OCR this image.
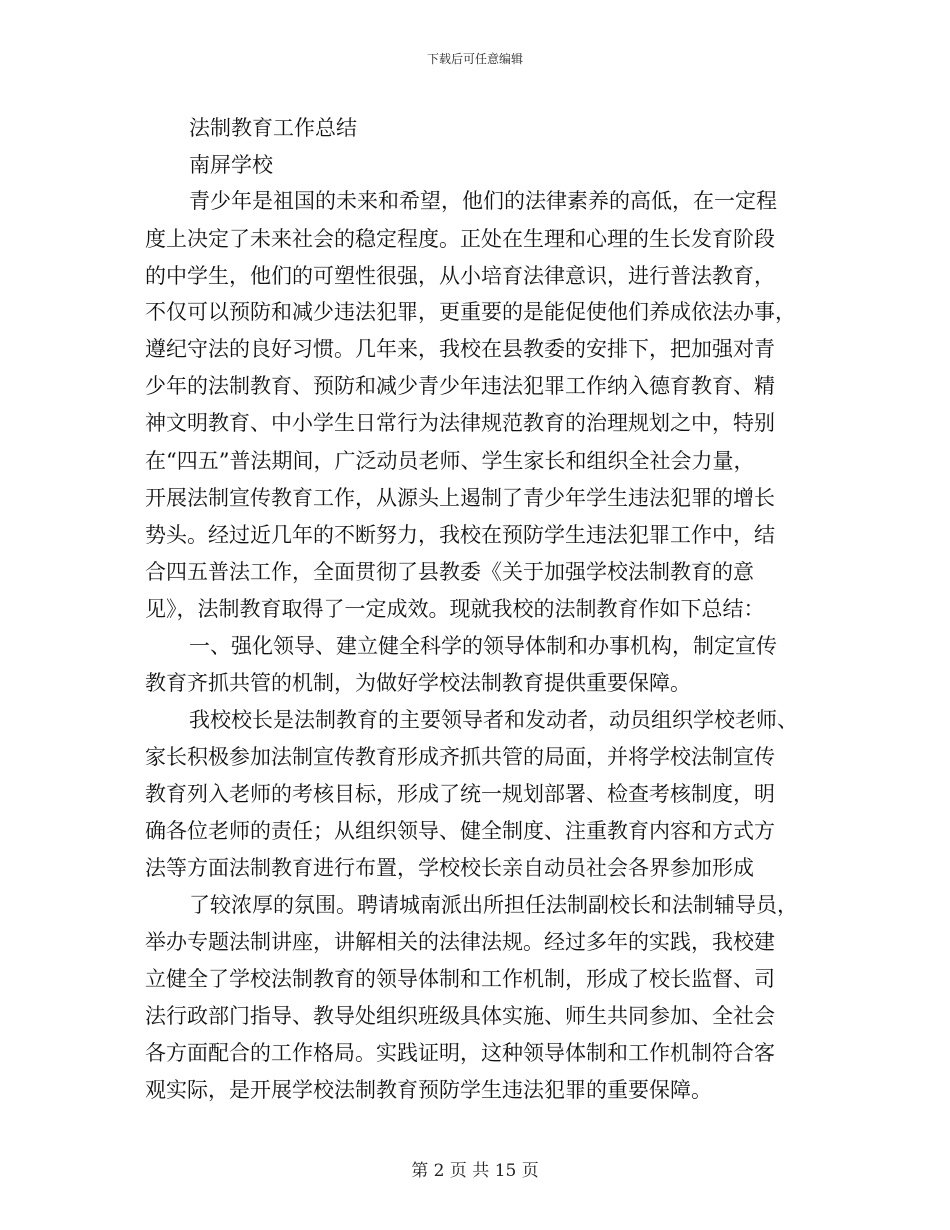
下载后可任意编辑
法制教育工作总结
南屏学校
青少年是祖国的未来和希望，他们的法律素养的高低，在一定程
度上决定了未来社会的稳定程度。正处在生理和心理的生长发育阶段
的中学生，他们的可塑性很强，从小培育法律意识，进行普法教育，
不仅可以预防和减少违法犯罪，更重要的是能促使他们养成依法办事，
遵纪守法的良好习惯。几年来，我校在县教委的安排下，把加强对青
少年的法制教育、预防和减少青少年违法犯罪工作纳入德育教育、精
神文明教育、中小学生日常行为法律规范教育的治理规划之中，特别
在“四五”普法期间，广泛动员老师、学生家长和组织全社会力量，
开展法制宣传教育工作，从源头上遏制了青少年学生违法犯罪的增长
势头。经过近几年的不断努力，我校在预防学生违法犯罪工作中，结
合四五普法工作，全面贯彻了县教委《关于加强学校法制教育的意
见》，法制教育取得了一定成效。现就我校的法制教育作如下总结：
一、强化领导、建立健全科学的领导体制和办事机构，制定宣传
教育齐抓共管的机制，为做好学校法制教育提供重要保障。
我校校长是法制教育的主要领导者和发动者，动员组织学校老师、
家长积极参加法制宣传教育形成齐抓共管的局面，并将学校法制宣传
教育列入老师的考核目标，形成了统一规划部署、检查考核制度，明
确各位老师的责任；从组织领导、健全制度、注重教育内容和方式方
法等方面法制教育进行布置，学校校长亲自动员社会各界参加形成
了较浓厚的氛围。聘请城南派出所担任法制副校长和法制辅导员，
举办专题法制讲座，讲解相关的法律法规。经过多年的实践，我校建
立健全了学校法制教育的领导体制和工作机制，形成了校长监督、司
法行政部门指导、教导处组织班级具体实施、师生共同参加、全社会
各方面配合的工作格局。实践证明，这种领导体制和工作机制符合客
观实际，是开展学校法制教育预防学生违法犯罪的重要保障。
第 2 页 共 15 页
